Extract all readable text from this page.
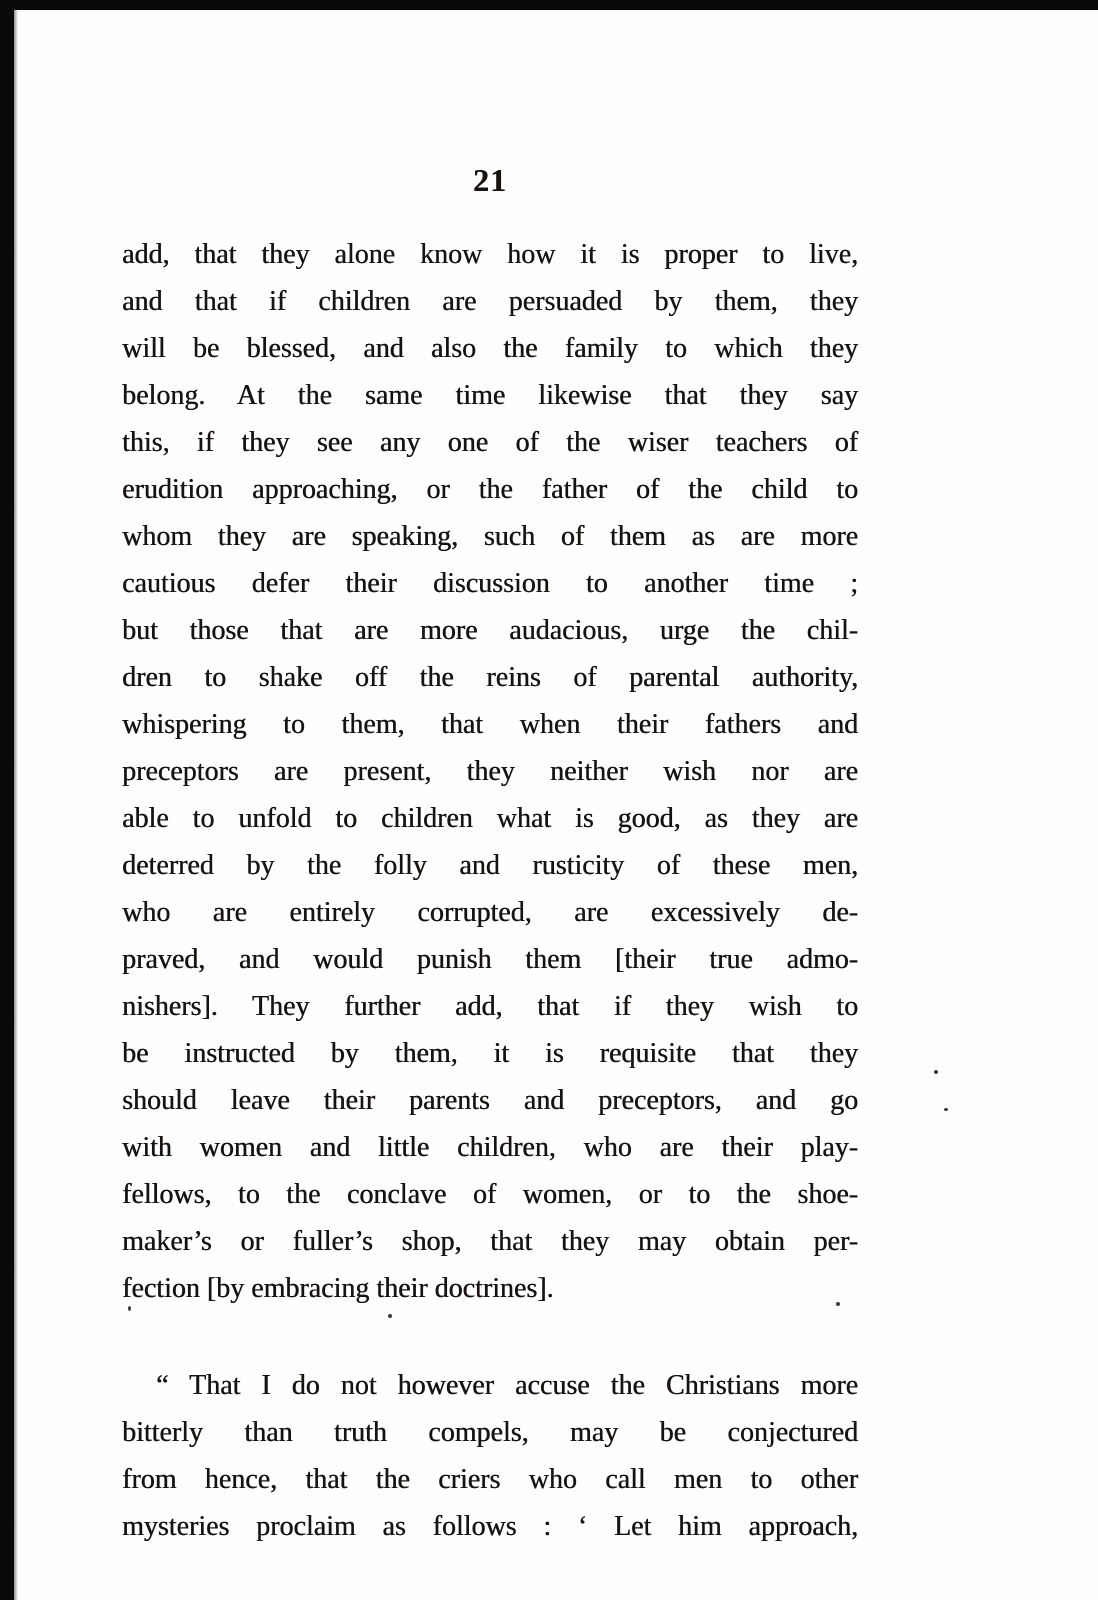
21
add, that they alone know how it is proper to live,
and that if children are persuaded by them, they
will be blessed, and also the family to which they
belong. At the same time likewise that they say
this, if they see any one of the wiser teachers of
erudition approaching, or the father of the child to
whom they are speaking, such of them as are more
cautious defer their discussion to another time ;
but those that are more audacious, urge the chil-
dren to shake off the reins of parental authority,
whispering to them, that when their fathers and
preceptors are present, they neither wish nor are
able to unfold to children what is good, as they are
deterred by the folly and rusticity of these men,
who are entirely corrupted, are excessively de-
praved, and would punish them [their true admo-
nishers]. They further add, that if they wish to
be instructed by them, it is requisite that they
should leave their parents and preceptors, and go
with women and little children, who are their play-
fellows, to the conclave of women, or to the shoe-
maker’s or fuller’s shop, that they may obtain per-
fection [by embracing their doctrines].
“ That I do not however accuse the Christians more
bitterly than truth compels, may be conjectured
from hence, that the criers who call men to other
mysteries proclaim as follows : ‘ Let him approach,
